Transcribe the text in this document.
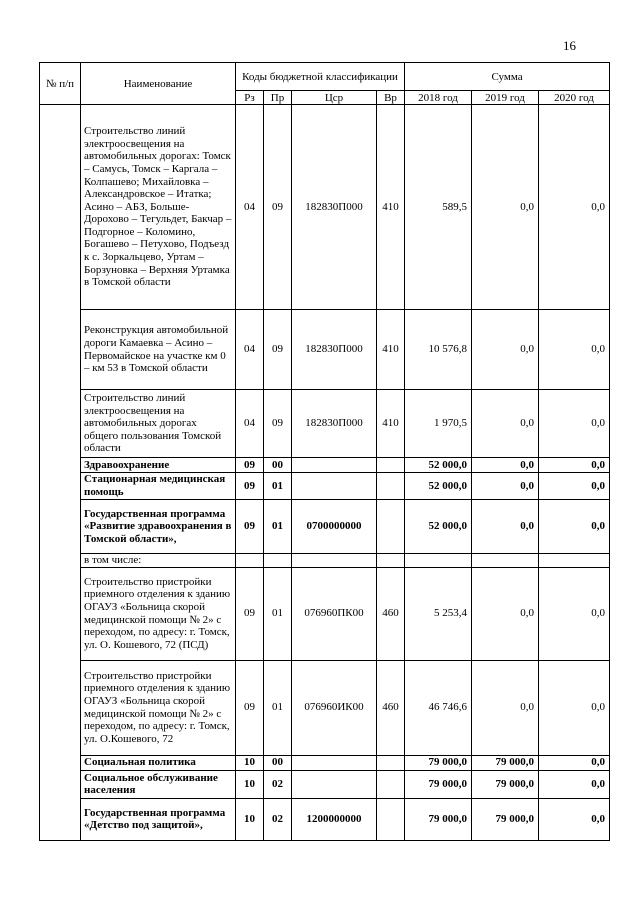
16
№ п/п	Наименование	Коды бюджетной классификации				Сумма		
		Рз	Пр	Цср	Вр	2018 год	2019 год	2020 год
	Строительство линий электроосвещения на автомобильных дорогах: Томск – Самусь, Томск – Каргала – Колпашево; Михайловка – Александровское – Итатка; Асино – АБЗ, Больше-Дорохово – Тегульдет, Бакчар – Подгорное – Коломино, Богашево – Петухово, Подъезд к с. Зоркальцево, Уртам – Борзуновка – Верхняя Уртамка в Томской области	04	09	182830П000	410	589,5	0,0	0,0
	Реконструкция автомобильной дороги Камаевка – Асино – Первомайское на участке км 0 – км 53 в Томской области	04	09	182830П000	410	10 576,8	0,0	0,0
	Строительство линий электроосвещения на автомобильных дорогах общего пользования Томской области	04	09	182830П000	410	1 970,5	0,0	0,0
	Здравоохранение	09	00			52 000,0	0,0	0,0
	Стационарная медицинская помощь	09	01			52 000,0	0,0	0,0
	Государственная программа «Развитие здравоохранения в Томской области»,	09	01	0700000000		52 000,0	0,0	0,0
	в том числе:							
	Строительство пристройки приемного отделения к зданию ОГАУЗ «Больница скорой медицинской помощи № 2» с переходом, по адресу: г. Томск, ул. О. Кошевого, 72 (ПСД)	09	01	076960ПК00	460	5 253,4	0,0	0,0
	Строительство пристройки приемного отделения к зданию ОГАУЗ «Больница скорой медицинской помощи № 2» с переходом, по адресу: г. Томск, ул. О.Кошевого, 72	09	01	076960ИК00	460	46 746,6	0,0	0,0
	Социальная политика	10	00			79 000,0	79 000,0	0,0
	Социальное обслуживание населения	10	02			79 000,0	79 000,0	0,0
	Государственная программа «Детство под защитой»,	10	02	1200000000		79 000,0	79 000,0	0,0
